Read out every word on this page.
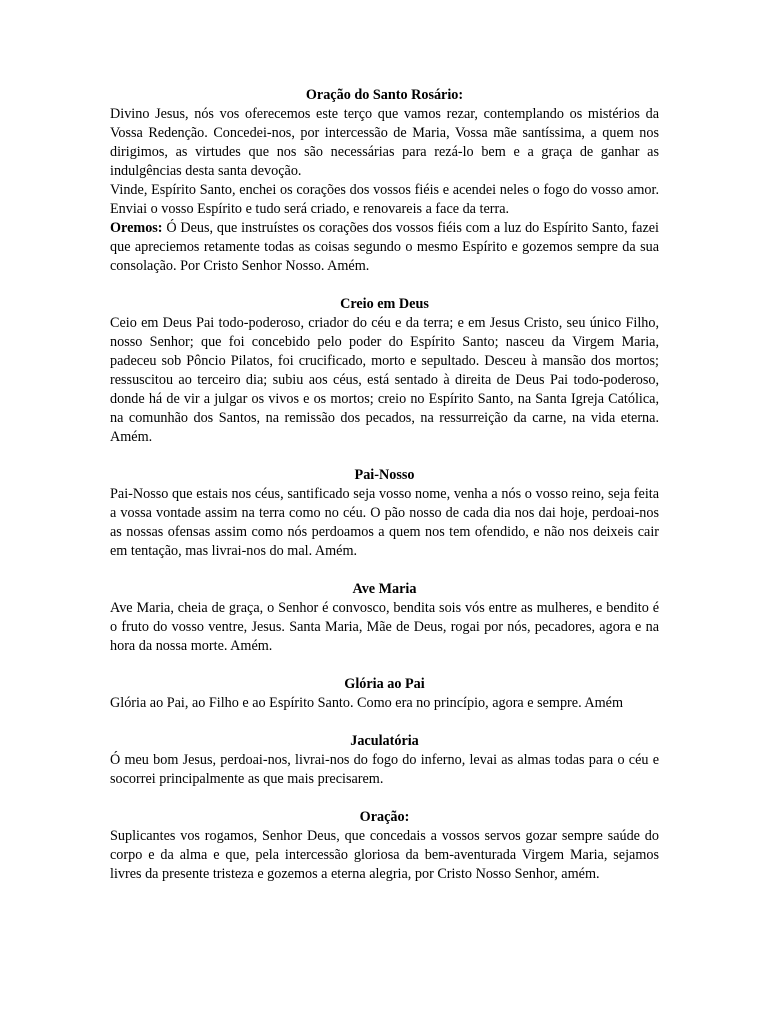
Oração do Santo Rosário:

Divino Jesus, nós vos oferecemos este terço que vamos rezar, contemplando os mistérios da Vossa Redenção. Concedei-nos, por intercessão de Maria, Vossa mãe santíssima, a quem nos dirigimos, as virtudes que nos são necessárias para rezá-lo bem e a graça de ganhar as indulgências desta santa devoção.

Vinde, Espírito Santo, enchei os corações dos vossos fiéis e acendei neles o fogo do vosso amor. Enviai o vosso Espírito e tudo será criado, e renovareis a face da terra.

Oremos: Ó Deus, que instruístes os corações dos vossos fiéis com a luz do Espírito Santo, fazei que apreciemos retamente todas as coisas segundo o mesmo Espírito e gozemos sempre da sua consolação. Por Cristo Senhor Nosso. Amém.

Creio em Deus

Ceio em Deus Pai todo-poderoso, criador do céu e da terra; e em Jesus Cristo, seu único Filho, nosso Senhor; que foi concebido pelo poder do Espírito Santo; nasceu da Virgem Maria, padeceu sob Pôncio Pilatos, foi crucificado, morto e sepultado. Desceu à mansão dos mortos; ressuscitou ao terceiro dia; subiu aos céus, está sentado à direita de Deus Pai todo-poderoso, donde há de vir a julgar os vivos e os mortos; creio no Espírito Santo, na Santa Igreja Católica, na comunhão dos Santos, na remissão dos pecados, na ressurreição da carne, na vida eterna. Amém.

Pai-Nosso

Pai-Nosso que estais nos céus, santificado seja vosso nome, venha a nós o vosso reino, seja feita a vossa vontade assim na terra como no céu. O pão nosso de cada dia nos dai hoje, perdoai-nos as nossas ofensas assim como nós perdoamos a quem nos tem ofendido, e não nos deixeis cair em tentação, mas livrai-nos do mal. Amém.

Ave Maria

Ave Maria, cheia de graça, o Senhor é convosco, bendita sois vós entre as mulheres, e bendito é o fruto do vosso ventre, Jesus. Santa Maria, Mãe de Deus, rogai por nós, pecadores, agora e na hora da nossa morte. Amém.

Glória ao Pai

Glória ao Pai, ao Filho e ao Espírito Santo. Como era no princípio, agora e sempre. Amém

Jaculatória

Ó meu bom Jesus, perdoai-nos, livrai-nos do fogo do inferno, levai as almas todas para o céu e socorrei principalmente as que mais precisarem.

Oração:

Suplicantes vos rogamos, Senhor Deus, que concedais a vossos servos gozar sempre saúde do corpo e da alma e que, pela intercessão gloriosa da bem-aventurada Virgem Maria, sejamos livres da presente tristeza e gozemos a eterna alegria, por Cristo Nosso Senhor, amém.
